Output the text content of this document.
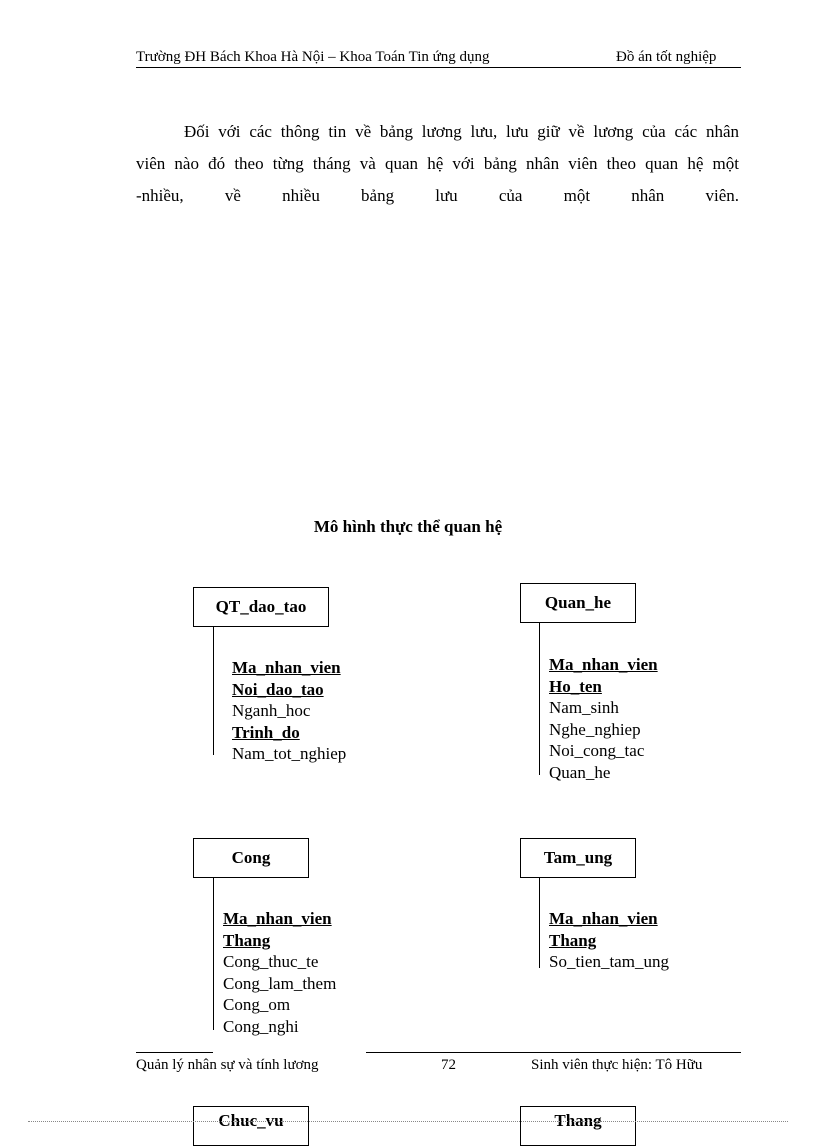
Trường ĐH Bách Khoa Hà Nội – Khoa Toán Tin ứng dụng	Đồ án tốt nghiệp
Đối với các thông tin về bảng lương lưu, lưu giữ về lương của các nhân
viên nào đó theo từng tháng và quan hệ với bảng nhân viên theo quan hệ một
-nhiều, về nhiều bảng lưu của một nhân viên.
Mô hình thực thể quan hệ
QT_dao_tao
Ma_nhan_vien
Noi_dao_tao
Nganh_hoc
Trinh_do
Nam_tot_nghiep
Quan_he
Ma_nhan_vien
Ho_ten
Nam_sinh
Nghe_nghiep
Noi_cong_tac
Quan_he
Cong
Ma_nhan_vien
Thang
Cong_thuc_te
Cong_lam_them
Cong_om
Cong_nghi
Tam_ung
Ma_nhan_vien
Thang
So_tien_tam_ung
Quản lý nhân sự và tính lương	72	Sinh viên thực hiện: Tô Hữu
Chuc_vu	Thang
